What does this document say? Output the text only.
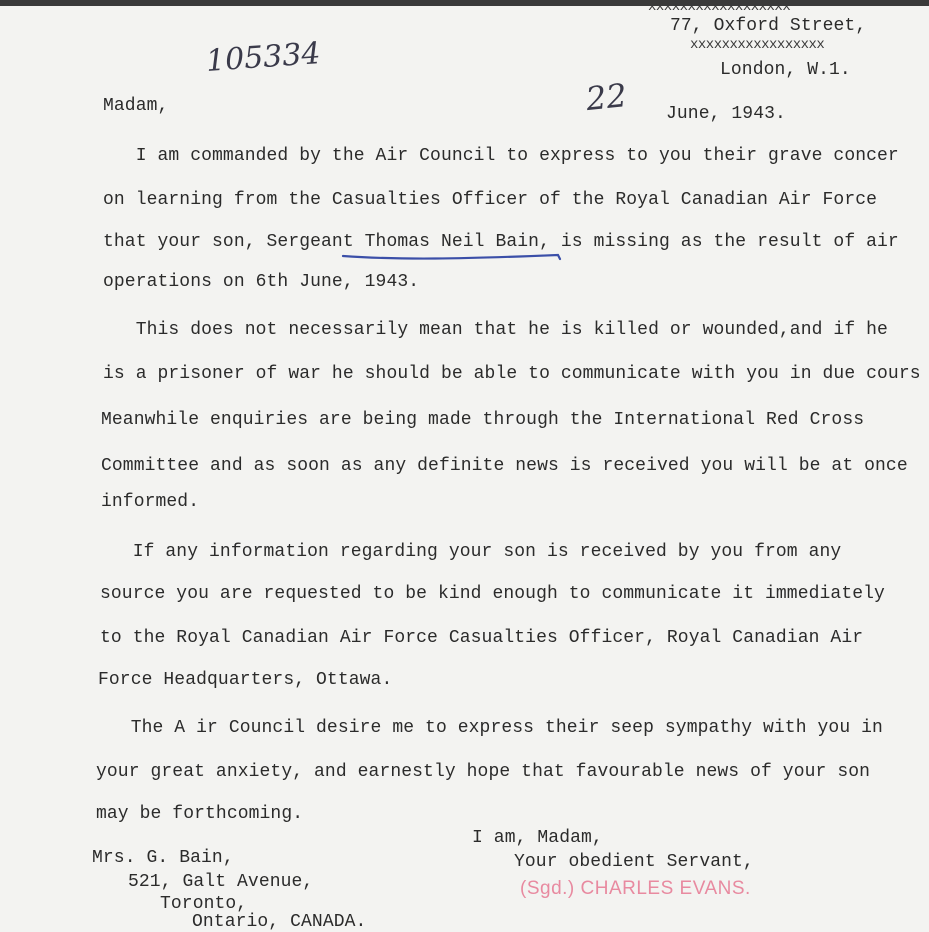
xxxxxxxxxxxxxxxxxx
77, Oxford Street,
xxxxxxxxxxxxxxxxx
London, W.1.
105334
Madam,	22 June, 1943.
I am commanded by the Air Council to express to you their grave concer
on learning from the Casualties Officer of the Royal Canadian Air Force
that your son, Sergeant Thomas Neil Bain, is missing as the result of air
operations on 6th June, 1943.
This does not necessarily mean that he is killed or wounded,and if he
is a prisoner of war he should be able to communicate with you in due cours
Meanwhile enquiries are being made through the International Red Cross
Committee and as soon as any definite news is received you will be at once
informed.
If any information regarding your son is received by you from any
source you are requested to be kind enough to communicate it immediately
to the Royal Canadian Air Force Casualties Officer, Royal Canadian Air
Force Headquarters, Ottawa.
The A ir Council desire me to express their seep sympathy with you in
your great anxiety, and earnestly hope that favourable news of your son
may be forthcoming.
I am, Madam,
Your obedient Servant,
(Sgd.) CHARLES EVANS.
Mrs. G. Bain,
521, Galt Avenue,
Toronto,
Ontario, CANADA.
